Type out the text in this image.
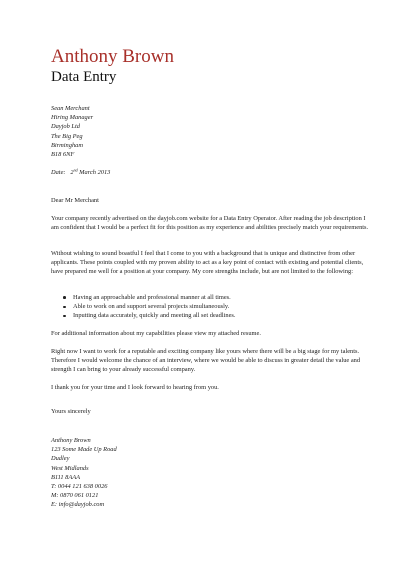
Anthony Brown
Data Entry
Sean Merchant
Hiring Manager
Dayjob Ltd
The Big Peg
Birmingham
B18 6NF
Date: 2nd March 2013
Dear Mr Merchant
Your company recently advertised on the dayjob.com website for a Data Entry Operator. After reading the job description I am confident that I would be a perfect fit for this position as my experience and abilities precisely match your requirements.
Without wishing to sound boastful I feel that I come to you with a background that is unique and distinctive from other applicants. These points coupled with my proven ability to act as a key point of contact with existing and potential clients, have prepared me well for a position at your company. My core strengths include, but are not limited to the following:
Having an approachable and professional manner at all times.
Able to work on and support several projects simultaneously.
Inputting data accurately, quickly and meeting all set deadlines.
For additional information about my capabilities please view my attached resume.
Right now I want to work for a reputable and exciting company like yours where there will be a big stage for my talents. Therefore I would welcome the chance of an interview, where we would be able to discuss in greater detail the value and strength I can bring to your already successful company.
I thank you for your time and I look forward to hearing from you.
Yours sincerely
Anthony Brown
123 Some Made Up Road
Dudley
West Midlands
B111 8AAA
T: 0044 121 638 0026
M: 0870 061 0121
E: info@dayjob.com
